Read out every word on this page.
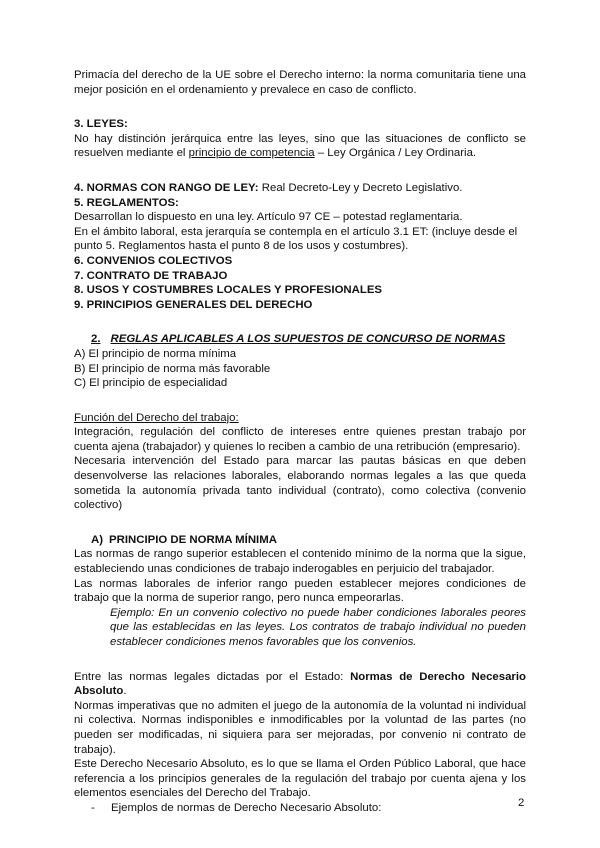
Primacía del derecho de la UE sobre el Derecho interno: la norma comunitaria tiene una mejor posición en el ordenamiento y prevalece en caso de conflicto.

3. LEYES:

No hay distinción jerárquica entre las leyes, sino que las situaciones de conflicto se resuelven mediante el principio de competencia – Ley Orgánica / Ley Ordinaria.

4. NORMAS CON RANGO DE LEY: Real Decreto-Ley y Decreto Legislativo.

5. REGLAMENTOS:

Desarrollan lo dispuesto en una ley. Artículo 97 CE – potestad reglamentaria.

En el ámbito laboral, esta jerarquía se contempla en el artículo 3.1 ET: (incluye desde el punto 5. Reglamentos hasta el punto 8 de los usos y costumbres).

6. CONVENIOS COLECTIVOS

7. CONTRATO DE TRABAJO

8. USOS Y COSTUMBRES LOCALES Y PROFESIONALES

9. PRINCIPIOS GENERALES DEL DERECHO

2. REGLAS APLICABLES A LOS SUPUESTOS DE CONCURSO DE NORMAS

A) El principio de norma mínima

B) El principio de norma más favorable

C) El principio de especialidad

Función del Derecho del trabajo:

Integración, regulación del conflicto de intereses entre quienes prestan trabajo por cuenta ajena (trabajador) y quienes lo reciben a cambio de una retribución (empresario).

Necesaria intervención del Estado para marcar las pautas básicas en que deben desenvolverse las relaciones laborales, elaborando normas legales a las que queda sometida la autonomía privada tanto individual (contrato), como colectiva (convenio colectivo)

A) PRINCIPIO DE NORMA MÍNIMA

Las normas de rango superior establecen el contenido mínimo de la norma que la sigue, estableciendo unas condiciones de trabajo inderogables en perjuicio del trabajador.

Las normas laborales de inferior rango pueden establecer mejores condiciones de trabajo que la norma de superior rango, pero nunca empeorarlas.

Ejemplo: En un convenio colectivo no puede haber condiciones laborales peores que las establecidas en las leyes. Los contratos de trabajo individual no pueden establecer condiciones menos favorables que los convenios.

Entre las normas legales dictadas por el Estado: Normas de Derecho Necesario Absoluto.

Normas imperativas que no admiten el juego de la autonomía de la voluntad ni individual ni colectiva. Normas indisponibles e inmodificables por la voluntad de las partes (no pueden ser modificadas, ni siquiera para ser mejoradas, por convenio ni contrato de trabajo).

Este Derecho Necesario Absoluto, es lo que se llama el Orden Público Laboral, que hace referencia a los principios generales de la regulación del trabajo por cuenta ajena y los elementos esenciales del Derecho del Trabajo.

-	Ejemplos de normas de Derecho Necesario Absoluto:	2
